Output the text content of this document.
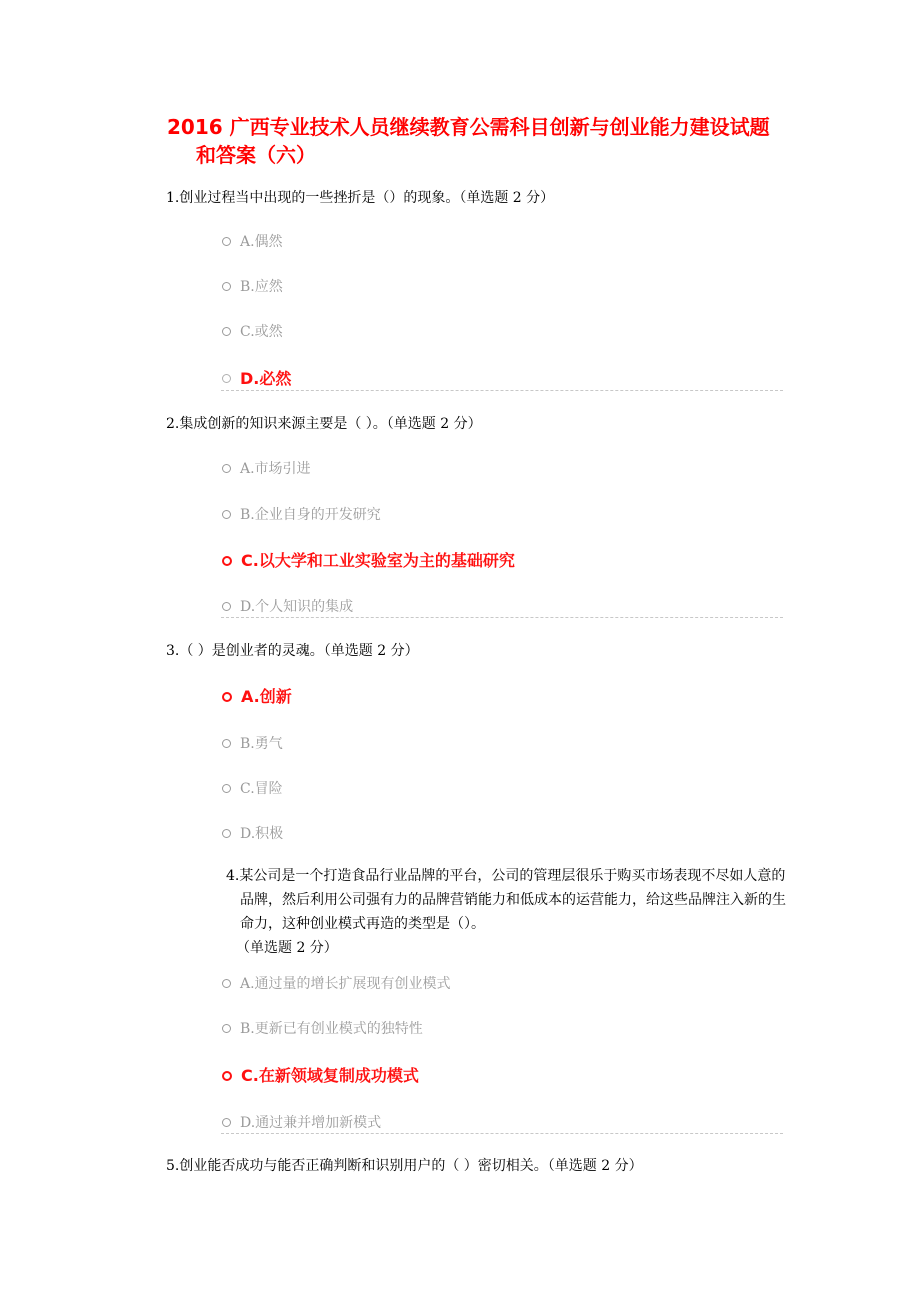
2016 广西专业技术人员继续教育公需科目创新与创业能力建设试题
和答案（六）
1.创业过程当中出现的一些挫折是（）的现象。（单选题 2 分）
A.偶然
B.应然
C.或然
D.必然
2.集成创新的知识来源主要是（ ）。（单选题 2 分）
A.市场引进
B.企业自身的开发研究
C.以大学和工业实验室为主的基础研究
D.个人知识的集成
3.（ ）是创业者的灵魂。（单选题 2 分）
A.创新
B.勇气
C.冒险
D.积极
4.某公司是一个打造食品行业品牌的平台，公司的管理层很乐于购买市场表现不尽如人意的品牌，然后利用公司强有力的品牌营销能力和低成本的运营能力，给这些品牌注入新的生命力，这种创业模式再造的类型是（）。
（单选题 2 分）
A.通过量的增长扩展现有创业模式
B.更新已有创业模式的独特性
C.在新领域复制成功模式
D.通过兼并增加新模式
5.创业能否成功与能否正确判断和识别用户的（ ）密切相关。（单选题 2 分）
